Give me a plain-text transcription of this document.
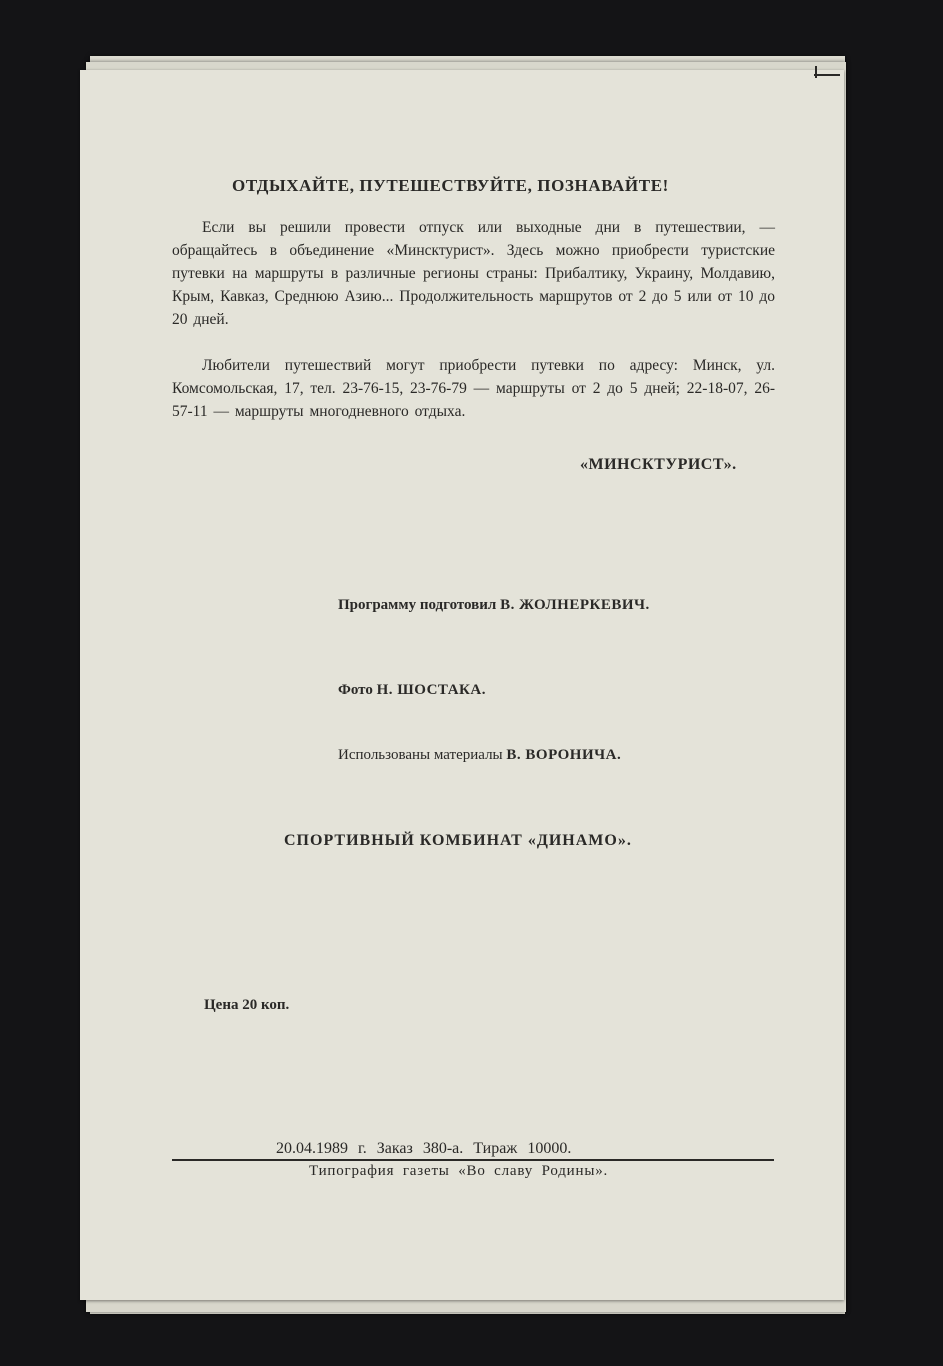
ОТДЫХАЙТЕ, ПУТЕШЕСТВУЙТЕ, ПОЗНАВАЙТЕ!
Если вы решили провести отпуск или выходные дни в путешествии, — обращайтесь в объединение «Минсктурист». Здесь можно приобрести туристские путевки на маршруты в различные регионы страны: Прибалтику, Украину, Молдавию, Крым, Кавказ, Среднюю Азию... Продолжительность маршрутов от 2 до 5 или от 10 до 20 дней.
Любители путешествий могут приобрести путевки по адресу: Минск, ул. Комсомольская, 17, тел. 23-76-15, 23-76-79 — маршруты от 2 до 5 дней; 22-18-07, 26-57-11 — маршруты многодневного отдыха.
«МИНСКТУРИСТ».
Программу подготовил В. ЖОЛНЕРКЕВИЧ.
Фото Н. ШОСТАКА.
Использованы материалы В. ВОРОНИЧА.
СПОРТИВНЫЙ КОМБИНАТ «ДИНАМО».
Цена 20 коп.
20.04.1989 г. Заказ 380-а. Тираж 10000.
Типография газеты «Во славу Родины».
